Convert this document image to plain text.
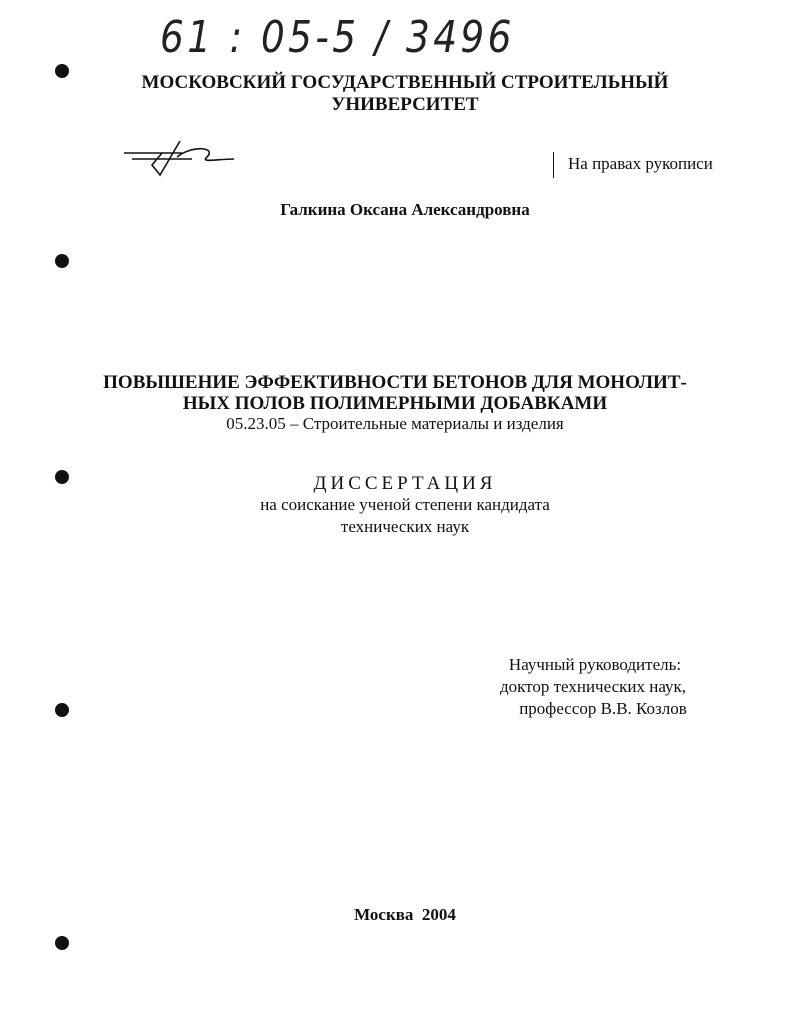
61 : 05-5 / 3496
МОСКОВСКИЙ ГОСУДАРСТВЕННЫЙ СТРОИТЕЛЬНЫЙ
УНИВЕРСИТЕТ
На правах рукописи
Галкина Оксана Александровна
ПОВЫШЕНИЕ ЭФФЕКТИВНОСТИ БЕТОНОВ ДЛЯ МОНОЛИТ-
НЫХ ПОЛОВ ПОЛИМЕРНЫМИ ДОБАВКАМИ
05.23.05 – Строительные материалы и изделия
ДИССЕРТАЦИЯ
на соискание ученой степени кандидата
технических наук
Научный руководитель:
доктор технических наук,
профессор В.В. Козлов
Москва  2004
